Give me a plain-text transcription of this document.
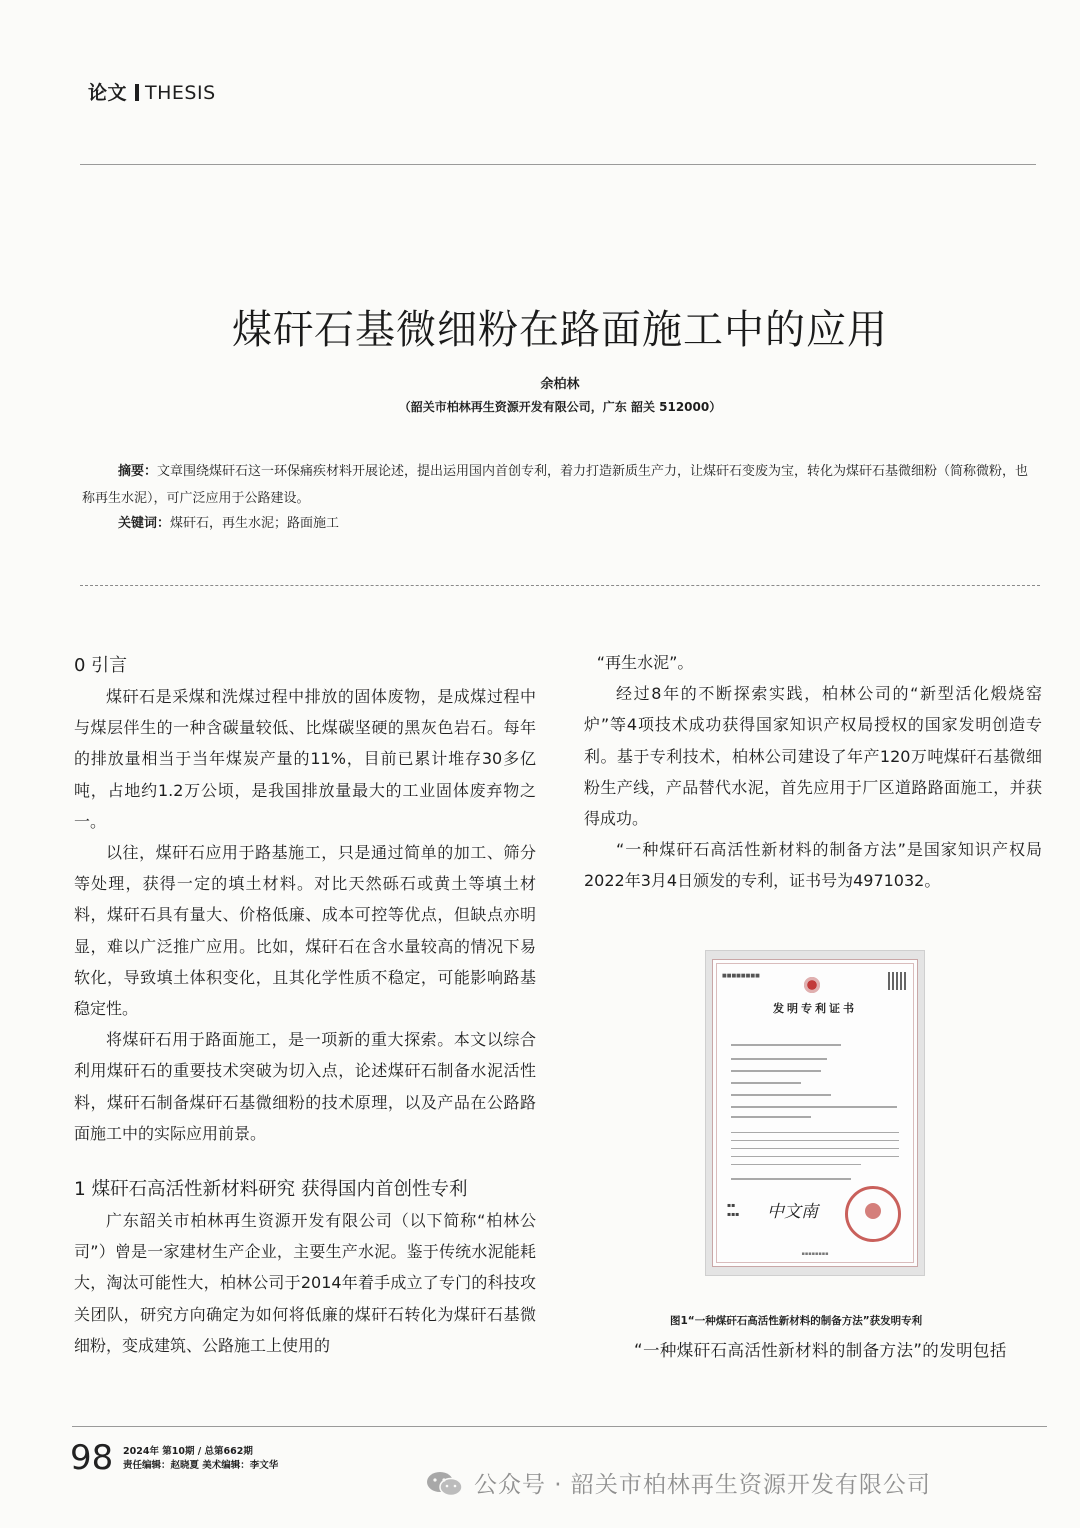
论文 THESIS
煤矸石基微细粉在路面施工中的应用
余柏林
（韶关市柏林再生资源开发有限公司，广东 韶关 512000）
摘要：文章围绕煤矸石这一环保痛疾材料开展论述，提出运用国内首创专利，着力打造新质生产力，让煤矸石变废为宝，转化为煤矸石基微细粉（简称微粉，也称再生水泥），可广泛应用于公路建设。
关键词：煤矸石，再生水泥；路面施工
0 引言

煤矸石是采煤和洗煤过程中排放的固体废物，是成煤过程中与煤层伴生的一种含碳量较低、比煤碳坚硬的黑灰色岩石。每年的排放量相当于当年煤炭产量的11%，目前已累计堆存30多亿吨，占地约1.2万公顷，是我国排放量最大的工业固体废弃物之一。

以往，煤矸石应用于路基施工，只是通过简单的加工、筛分等处理，获得一定的填土材料。对比天然砾石或黄土等填土材料，煤矸石具有量大、价格低廉、成本可控等优点，但缺点亦明显，难以广泛推广应用。比如，煤矸石在含水量较高的情况下易软化，导致填土体积变化，且其化学性质不稳定，可能影响路基稳定性。

将煤矸石用于路面施工，是一项新的重大探索。本文以综合利用煤矸石的重要技术突破为切入点，论述煤矸石制备水泥活性料，煤矸石制备煤矸石基微细粉的技术原理，以及产品在公路路面施工中的实际应用前景。

1 煤矸石高活性新材料研究 获得国内首创性专利

广东韶关市柏林再生资源开发有限公司（以下简称“柏林公司”）曾是一家建材生产企业，主要生产水泥。鉴于传统水泥能耗大，淘汰可能性大，柏林公司于2014年着手成立了专门的科技攻关团队，研究方向确定为如何将低廉的煤矸石转化为煤矸石基微细粉，变成建筑、公路施工上使用的

“再生水泥”。

经过8年的不断探索实践，柏林公司的“新型活化煅烧窑炉”等4项技术成功获得国家知识产权局授权的国家发明创造专利。基于专利技术，柏林公司建设了年产120万吨煤矸石基微细粉生产线，产品替代水泥，首先应用于厂区道路路面施工，并获得成功。

“一种煤矸石高活性新材料的制备方法”是国家知识产权局2022年3月4日颁发的专利，证书号为4971032。

■■■■■■■■
发明专利证书
▪▪
▪▪▪ 中文南
▪▪▪▪▪▪▪▪
图1“一种煤矸石高活性新材料的制备方法”获发明专利
“一种煤矸石高活性新材料的制备方法”的发明包括
98 2024年 第10期 / 总第662期
责任编辑：赵晓夏 美术编辑：李文华
公众号 · 韶关市柏林再生资源开发有限公司
